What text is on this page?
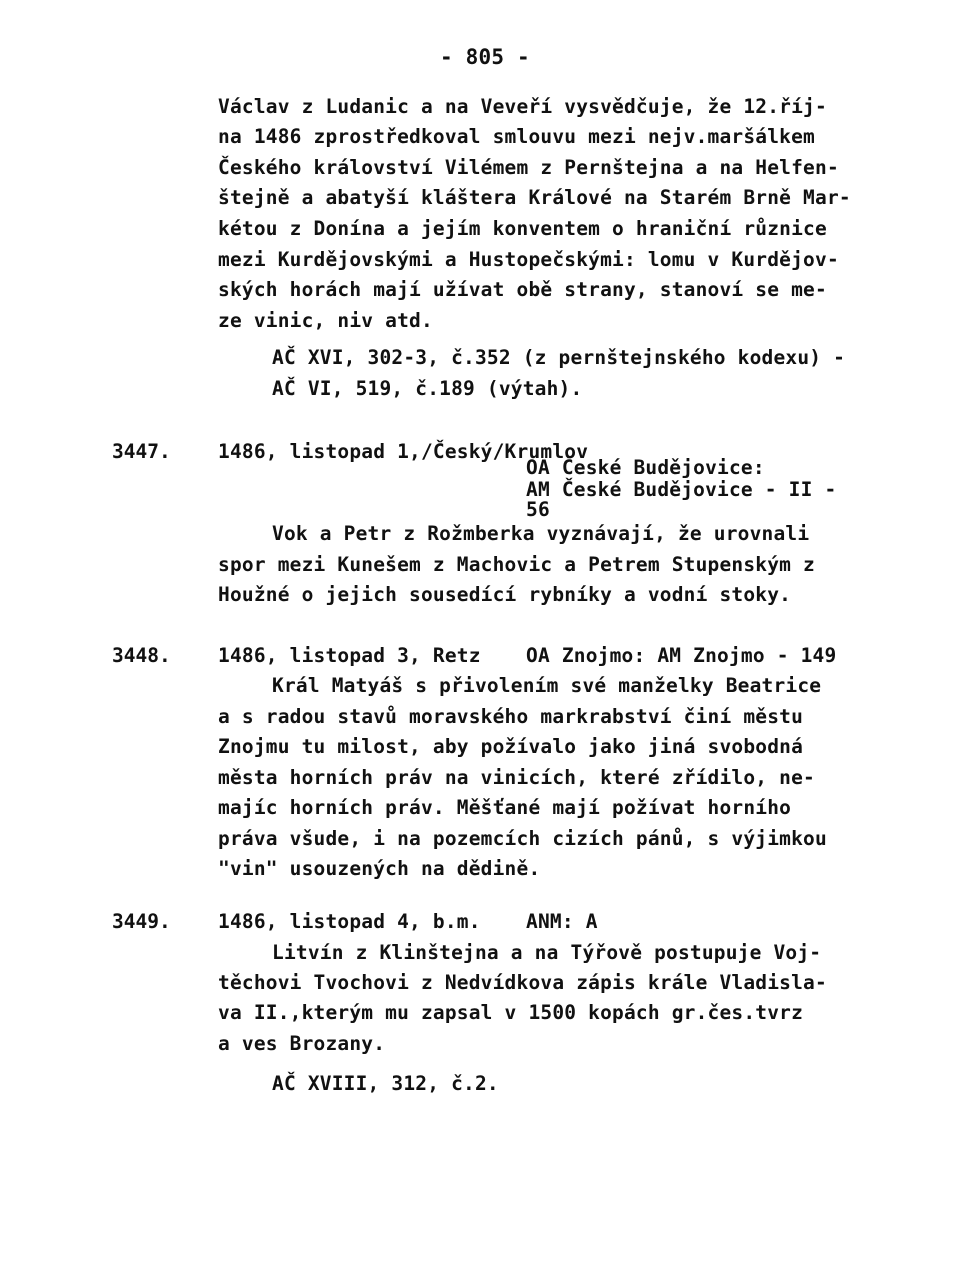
- 805 -
Václav z Ludanic a na Veveří vysvědčuje, že 12.říj-
na 1486 zprostředkoval smlouvu mezi nejv.maršálkem
Českého království Vilémem z Pernštejna a na Helfen-
štejně a abatyší kláštera Králové na Starém Brně Mar-
kétou z Donína a jejím konventem o hraniční různice
mezi Kurdějovskými a Hustopečskými: lomu v Kurdějov-
ských horách mají užívat obě strany, stanoví se me-
ze vinic, niv atd.
AČ XVI, 302-3, č.352 (z pernštejnského kodexu) -
AČ VI, 519, č.189 (výtah).
3447. 1486, listopad 1,/Český/Krumlov
OA České Budějovice:
AM České Budějovice - II -
56
Vok a Petr z Rožmberka vyznávají, že urovnali
spor mezi Kunešem z Machovic a Petrem Stupenským z
Houžné o jejich sousedící rybníky a vodní stoky.
3448. 1486, listopad 3, Retz OA Znojmo: AM Znojmo - 149
Král Matyáš s přivolením své manželky Beatrice
a s radou stavů moravského markrabství činí městu
Znojmu tu milost, aby požívalo jako jiná svobodná
města horních práv na vinicích, které zřídilo, ne-
majíc horních práv. Měšťané mají požívat horního
práva všude, i na pozemcích cizích pánů, s výjimkou
"vin" usouzených na dědině.
3449. 1486, listopad 4, b.m. ANM: A
Litvín z Klinštejna a na Týřově postupuje Voj-
těchovi Tvochovi z Nedvídkova zápis krále Vladisla-
va II.,kterým mu zapsal v 1500 kopách gr.čes.tvrz
a ves Brozany.
AČ XVIII, 312, č.2.
